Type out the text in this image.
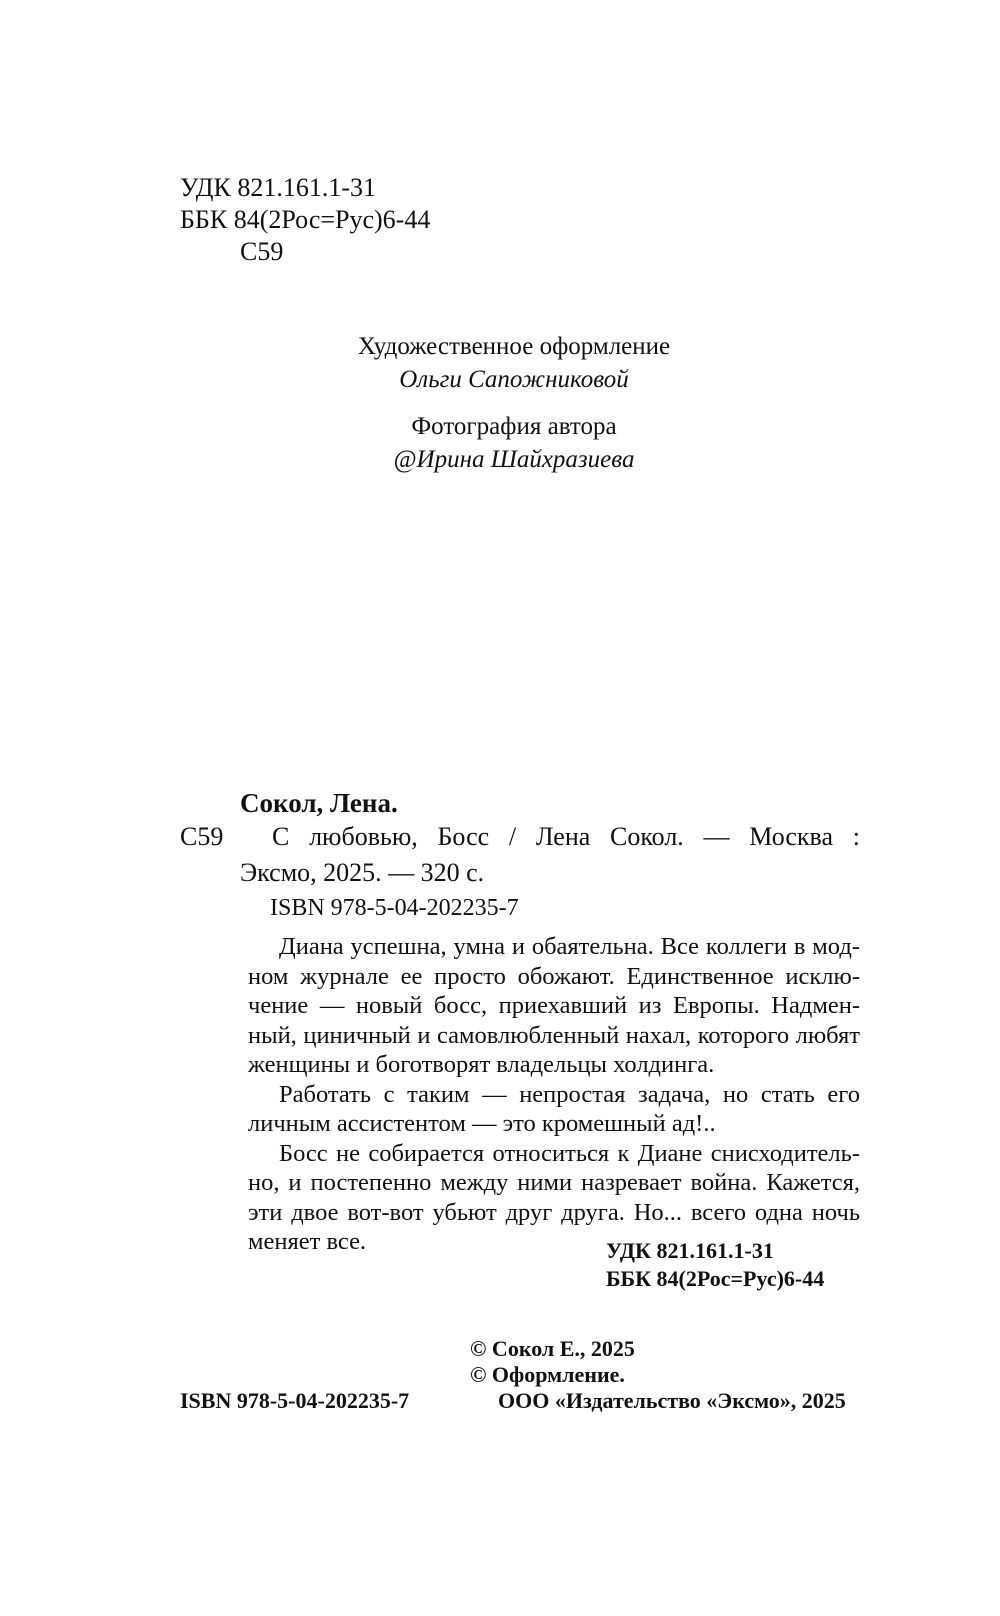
УДК 821.161.1-31
ББК 84(2Рос=Рус)6-44
С59
Художественное оформление
Ольги Сапожниковой
Фотография автора
@Ирина Шайхразиева
Сокол, Лена.
С59 С любовью, Босс / Лена Сокол. — Москва :
Эксмо, 2025. — 320 с.
ISBN 978-5-04-202235-7

Диана успешна, умна и обаятельна. Все коллеги в модном журнале ее просто обожают. Единственное исключение — новый босс, приехавший из Европы. Надменный, циничный и самовлюбленный нахал, которого любят женщины и боготворят владельцы холдинга.

Работать с таким — непростая задача, но стать его личным ассистентом — это кромешный ад!..

Босс не собирается относиться к Диане снисходительно, и постепенно между ними назревает война. Кажется, эти двое вот-вот убьют друг друга. Но... всего одна ночь меняет все.	УДК 821.161.1-31
ББК 84(2Рос=Рус)6-44
© Сокол Е., 2025
© Оформление.
ООО «Издательство «Эксмо», 2025
ISBN 978-5-04-202235-7
